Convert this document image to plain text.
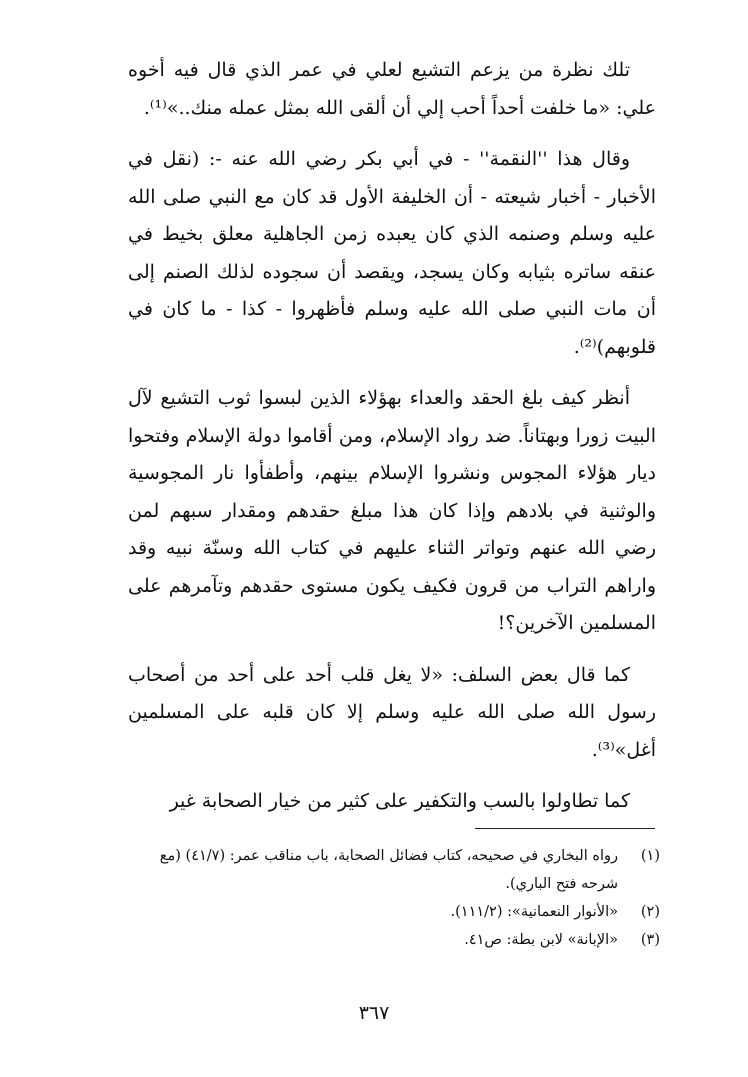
تلك نظرة من يزعم التشيع لعلي في عمر الذي قال فيه أخوه علي: «ما خلفت أحداً أحب إلي أن ألقى الله بمثل عمله منك..»⁽¹⁾.

وقال هذا ''النقمة'' - في أبي بكر رضي الله عنه -: (نقل في الأخبار - أخبار شيعته - أن الخليفة الأول قد كان مع النبي صلى الله عليه وسلم وصنمه الذي كان يعبده زمن الجاهلية معلق بخيط في عنقه ساتره بثيابه وكان يسجد، ويقصد أن سجوده لذلك الصنم إلى أن مات النبي صلى الله عليه وسلم فأظهروا - كذا - ما كان في قلوبهم)⁽²⁾.

أنظر كيف بلغ الحقد والعداء بهؤلاء الذين لبسوا ثوب التشيع لآل البيت زورا وبهتاناً. ضد رواد الإسلام، ومن أقاموا دولة الإسلام وفتحوا ديار هؤلاء المجوس ونشروا الإسلام بينهم، وأطفأوا نار المجوسية والوثنية في بلادهم وإذا كان هذا مبلغ حقدهم ومقدار سبهم لمن رضي الله عنهم وتواتر الثناء عليهم في كتاب الله وسنّة نبيه وقد واراهم التراب من قرون فكيف يكون مستوى حقدهم وتآمرهم على المسلمين الآخرين؟!

كما قال بعض السلف: «لا يغل قلب أحد على أحد من أصحاب رسول الله صلى الله عليه وسلم إلا كان قلبه على المسلمين أغل»⁽³⁾.

كما تطاولوا بالسب والتكفير على كثير من خيار الصحابة غير

(١)
رواه البخاري في صحيحه، كتاب فضائل الصحابة، باب مناقب عمر: (٤١/٧) (مع شرحه فتح الباري).
(٢)
«الأنوار النعمانية»: (١١١/٢).
(٣)
«الإبانة» لابن بطة: ص٤١.
٣٦٧
